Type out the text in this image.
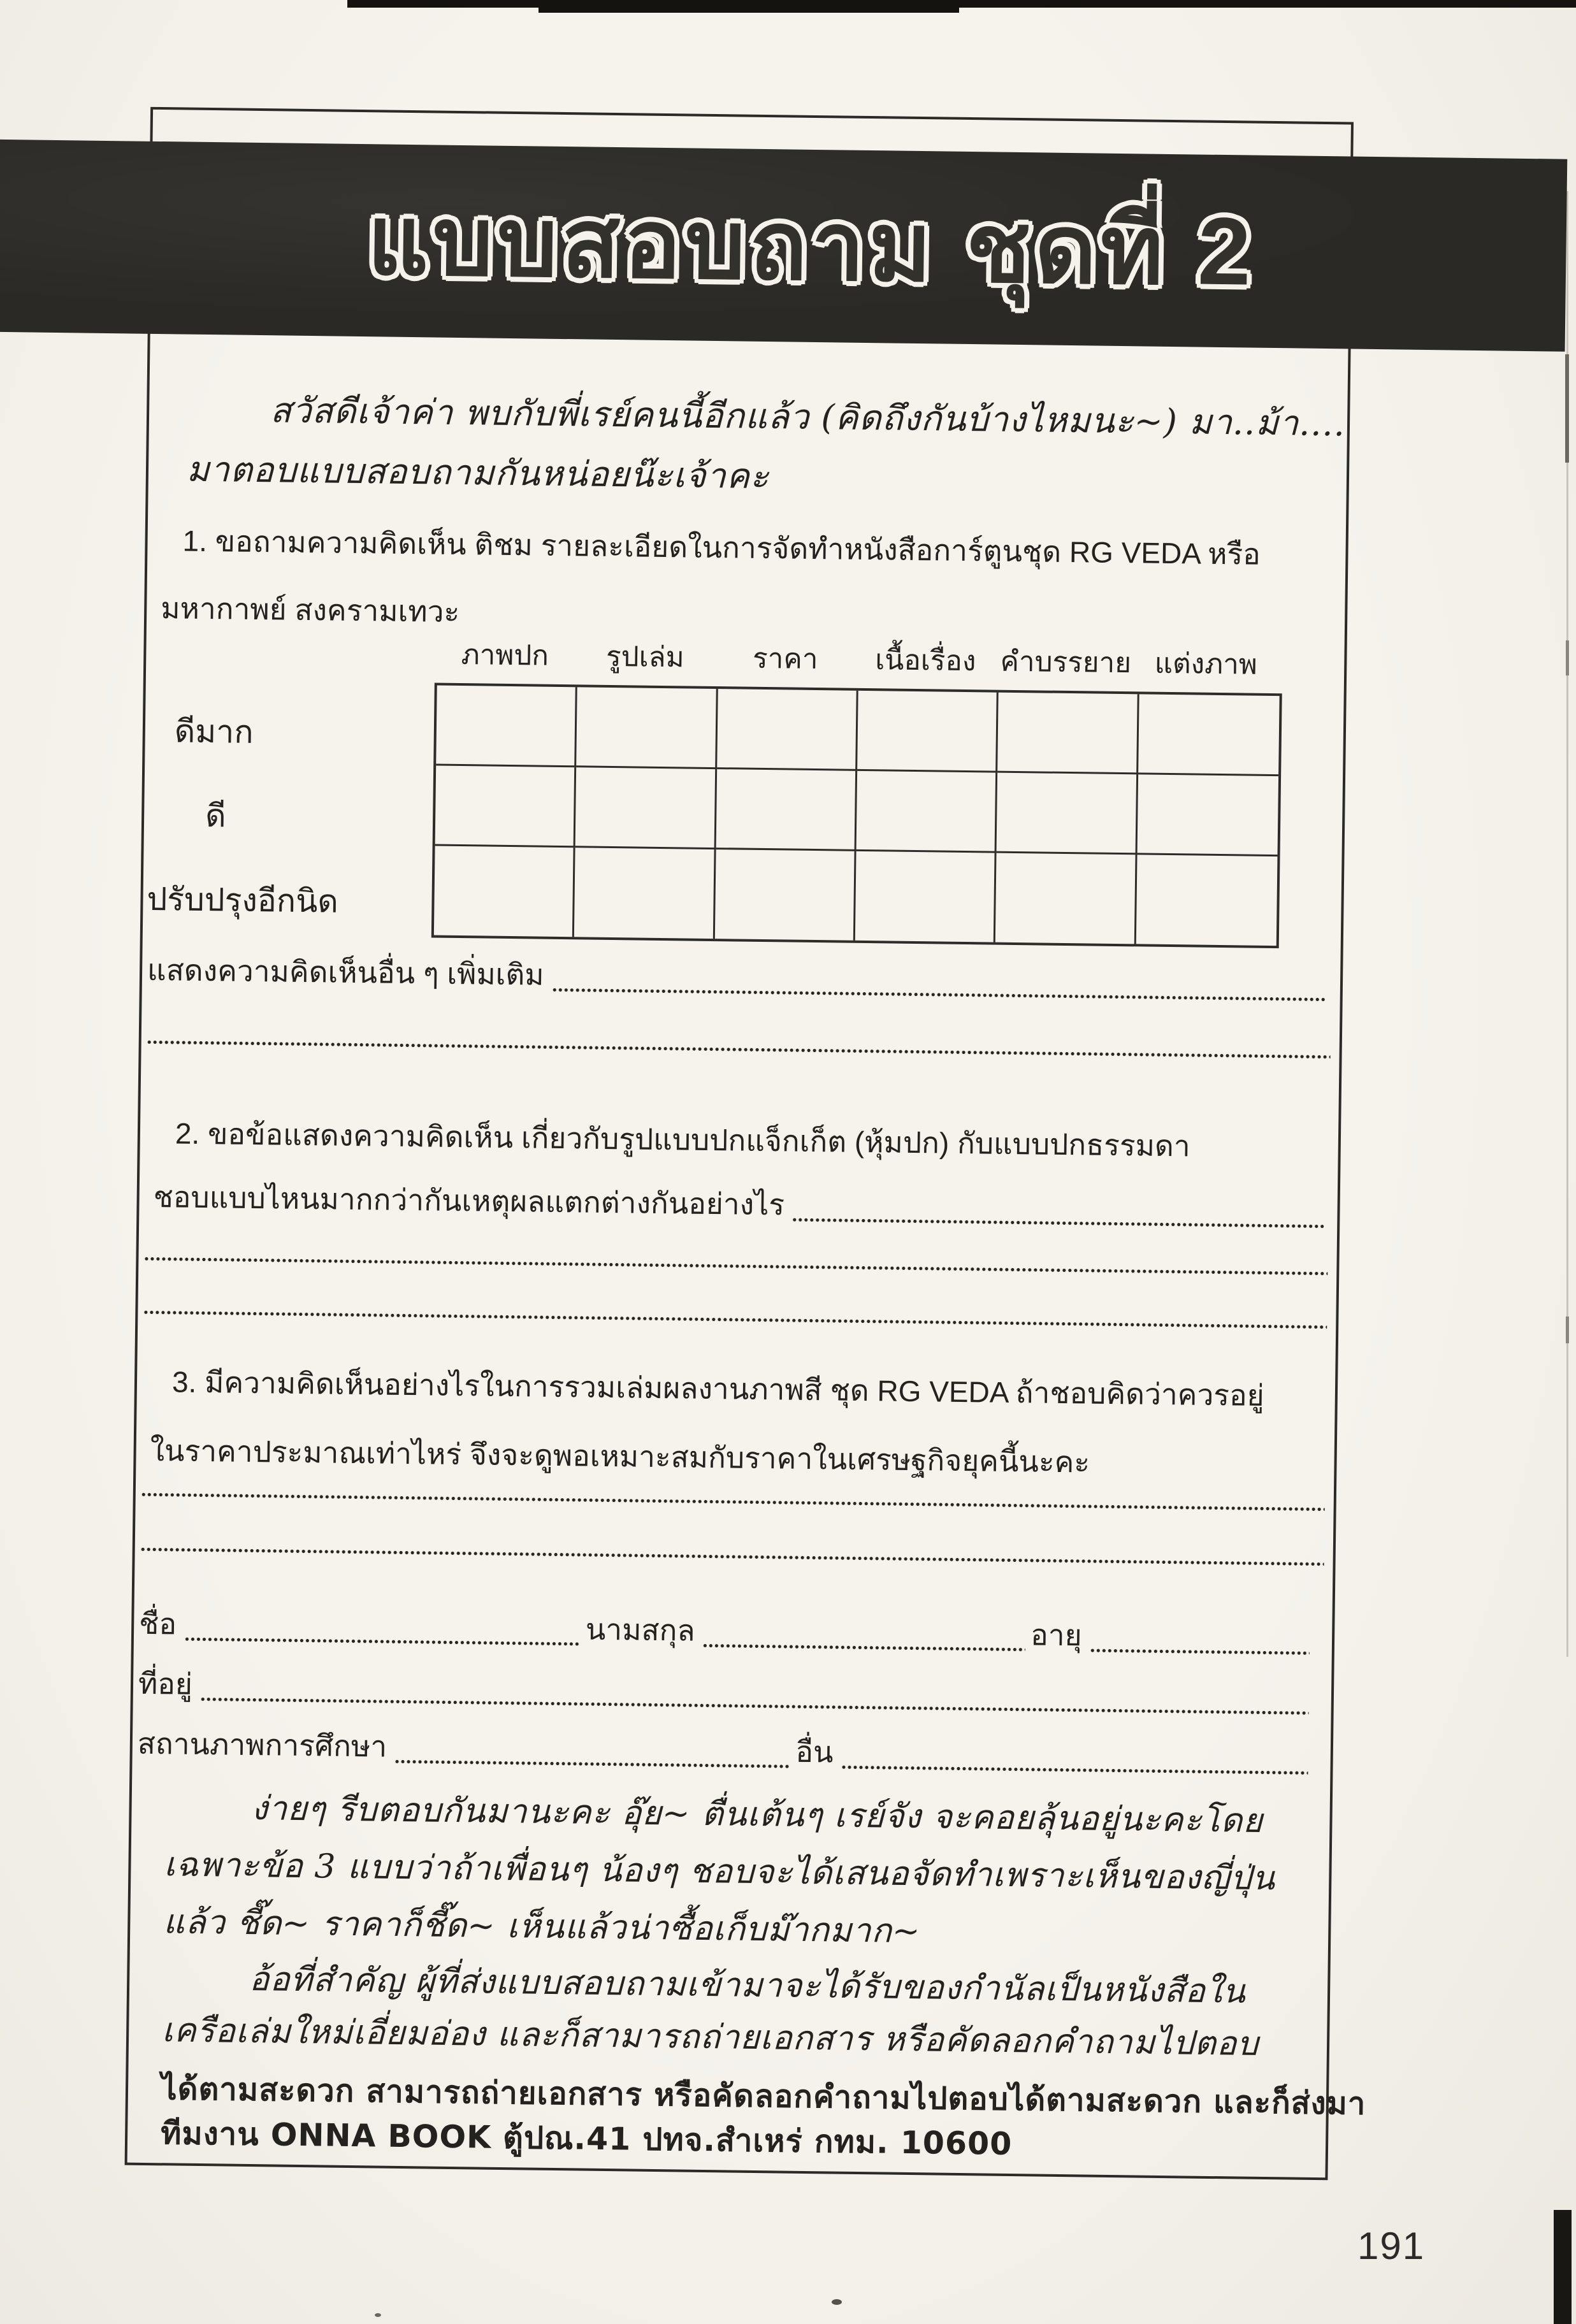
แบบสอบถาม ชุดที่ 2
สวัสดีเจ้าค่า พบกับพี่เรย์คนนี้อีกแล้ว (คิดถึงกันบ้างไหมนะ~) มา..ม้า....
มาตอบแบบสอบถามกันหน่อยน๊ะเจ้าคะ
1. ขอถามความคิดเห็น ติชม รายละเอียดในการจัดทำหนังสือการ์ตูนชุด RG VEDA หรือ
มหากาพย์ สงครามเทวะ
ภาพปก	รูปเล่ม	ราคา	เนื้อเรื่อง คำบรรยาย แต่งภาพ
ดีมาก
ดี
ปรับปรุงอีกนิด
แสดงความคิดเห็นอื่น ๆ เพิ่มเติม
2. ขอข้อแสดงความคิดเห็น เกี่ยวกับรูปแบบปกแจ็กเก็ต (หุ้มปก) กับแบบปกธรรมดา
ชอบแบบไหนมากกว่ากันเหตุผลแตกต่างกันอย่างไร
3. มีความคิดเห็นอย่างไรในการรวมเล่มผลงานภาพสี ชุด RG VEDA ถ้าชอบคิดว่าควรอยู่
ในราคาประมาณเท่าไหร่ จึงจะดูพอเหมาะสมกับราคาในเศรษฐกิจยุคนี้นะคะ
ชื่อ	นามสกุล	อายุ
ที่อยู่
สถานภาพการศึกษา	อื่น
ง่ายๆ รีบตอบกันมานะคะ อุ๊ย~ ตื่นเต้นๆ เรย์จัง จะคอยลุ้นอยู่นะคะโดย
เฉพาะข้อ 3 แบบว่าถ้าเพื่อนๆ น้องๆ ชอบจะได้เสนอจัดทำเพราะเห็นของญี่ปุ่น
แล้ว ชี๊ด~ ราคาก็ชี๊ด~ เห็นแล้วน่าซื้อเก็บม๊ากมาก~
อ้อที่สำคัญ ผู้ที่ส่งแบบสอบถามเข้ามาจะได้รับของกำนัลเป็นหนังสือใน
เครือเล่มใหม่เอี่ยมอ่อง และก็สามารถถ่ายเอกสาร หรือคัดลอกคำถามไปตอบ
ได้ตามสะดวก สามารถถ่ายเอกสาร หรือคัดลอกคำถามไปตอบได้ตามสะดวก และก็ส่งมา
ทีมงาน ONNA BOOK ตู้ปณ.41 ปทจ.สำเหร่ กทม. 10600
191
